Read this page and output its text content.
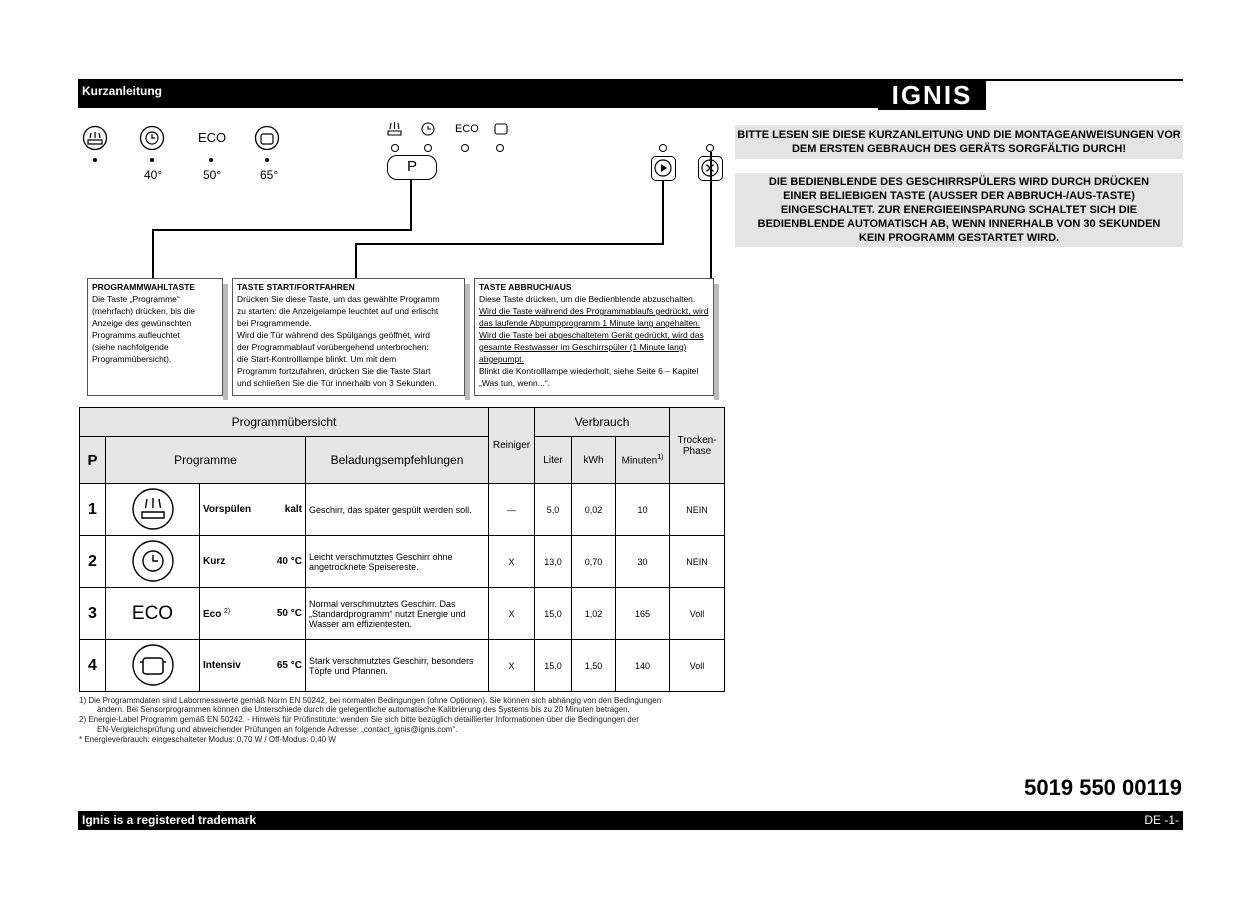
Kurzanleitung	IGNIS	Programmtabelle
ECO
40°	50°	65°
ECO
P
PROGRAMMWAHLTASTE
Die Taste „Programme“
(mehrfach) drücken, bis die
Anzeige des gewünschten
Programms aufleuchtet
(siehe nachfolgende
Programmübersicht).
TASTE START/FORTFAHREN
Drücken Sie diese Taste, um das gewählte Programm
zu starten: die Anzeigelampe leuchtet auf und erlischt
bei Programmende.
Wird die Tür während des Spülgangs geöffnet, wird
der Programmablauf vorübergehend unterbrochen:
die Start-Kontrolllampe blinkt. Um mit dem
Programm fortzufahren, drücken Sie die Taste Start
und schließen Sie die Tür innerhalb von 3 Sekunden.
TASTE ABBRUCH/AUS
Diese Taste drücken, um die Bedienblende abzuschalten.
Wird die Taste während des Programmablaufs gedrückt, wird
das laufende Abpumpprogramm 1 Minute lang angehalten.
Wird die Taste bei abgeschaltetem Gerät gedrückt, wird das
gesamte Restwasser im Geschirrspüler (1 Minute lang)
abgepumpt.
Blinkt die Kontrolllampe wiederholt, siehe Seite 6 – Kapitel
„Was tun, wenn...“.
BITTE LESEN SIE DIESE KURZANLEITUNG UND DIE MONTAGEANWEISUNGEN VOR DEM ERSTEN GEBRAUCH DES GERÄTS SORGFÄLTIG DURCH!
DIE BEDIENBLENDE DES GESCHIRRSPÜLERS WIRD DURCH DRÜCKEN EINER BELIEBIGEN TASTE (AUSSER DER ABBRUCH-/AUS-TASTE) EINGESCHALTET. ZUR ENERGIEEINSPARUNG SCHALTET SICH DIE BEDIENBLENDE AUTOMATISCH AB, WENN INNERHALB VON 30 SEKUNDEN KEIN PROGRAMM GESTARTET WIRD.
Programmübersicht				Reiniger	Verbrauch			Trocken-Phase
P	Programme		Beladungsempfehlungen		Liter	kWh	Minuten$^{1)}$
1		Vorspülen kalt	Geschirr, das später gespült werden soll.	—	5,0	0,02	10	NEIN
2		Kurz 40 °C	Leicht verschmutztes Geschirr ohne angetrocknete Speisereste.	X	13,0	0,70	30	NEIN
3	ECO	Eco $^{2)}$ 50 °C	Normal verschmutztes Geschirr. Das „Standardprogramm“ nutzt Energie und Wasser am effizientesten.	X	15,0	1,02	165	Voll
4		Intensiv 65 °C	Stark verschmutztes Geschirr, besonders Töpfe und Pfannen.	X	15,0	1,50	140	Voll
1) Die Programmdaten sind Labormesswerte gemäß Norm EN 50242, bei normalen Bedingungen (ohne Optionen). Sie können sich abhängig von den Bedingungen
ändern. Bei Sensorprogrammen können die Unterschiede durch die gelegentliche automatische Kalibrierung des Systems bis zu 20 Minuten betragen.
2) Energie-Label Programm gemäß EN 50242. - Hinweis für Prüfinstitute: wenden Sie sich bitte bezüglich detaillierter Informationen über die Bedingungen der
EN-Vergleichsprüfung und abweichender Prüfungen an folgende Adresse: „contact_ignis@ignis.com“.
* Energieverbrauch: eingeschalteter Modus: 0,70 W / Off-Modus: 0,40 W
5019 550 00119
Ignis is a registered trademark	DE -1-
